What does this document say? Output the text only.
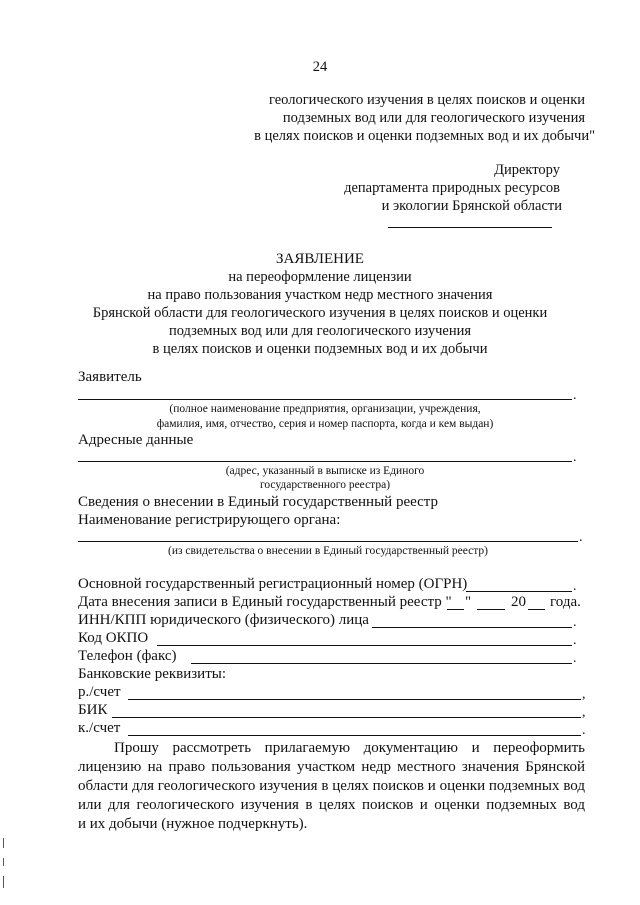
24
геологического изучения в целях поисков и оценки
подземных вод или для геологического изучения
в целях поисков и оценки подземных вод и их добычи"
Директору
департамента природных ресурсов
и экологии Брянской области
ЗАЯВЛЕНИЕ
на переоформление лицензии
на право пользования участком недр местного значения
Брянской области для геологического изучения в целях поисков и оценки
подземных вод или для геологического изучения
в целях поисков и оценки подземных вод и их добычи
Заявитель
.
(полное наименование предприятия, организации, учреждения,
фамилия, имя, отчество, серия и номер паспорта, когда и кем выдан)
Адресные данные
.
(адрес, указанный в выписке из Единого
государственного реестра)
Сведения о внесении в Единый государственный реестр
Наименование регистрирующего органа:
.
(из свидетельства о внесении в Единый государственный реестр)
Основной государственный регистрационный номер (ОГРН)	.
Дата внесения записи в Единый государственный реестр " "	20 года.
ИНН/КПП юридического (физического) лица	.
Код ОКПО	.
Телефон (факс)	.
Банковские реквизиты:
р./счет	,
БИК	,
к./счет	.
Прошу рассмотреть прилагаемую документацию и переоформить
лицензию на право пользования участком недр местного значения Брянской
области для геологического изучения в целях поисков и оценки подземных вод
или для геологического изучения в целях поисков и оценки подземных вод
и их добычи (нужное подчеркнуть).
